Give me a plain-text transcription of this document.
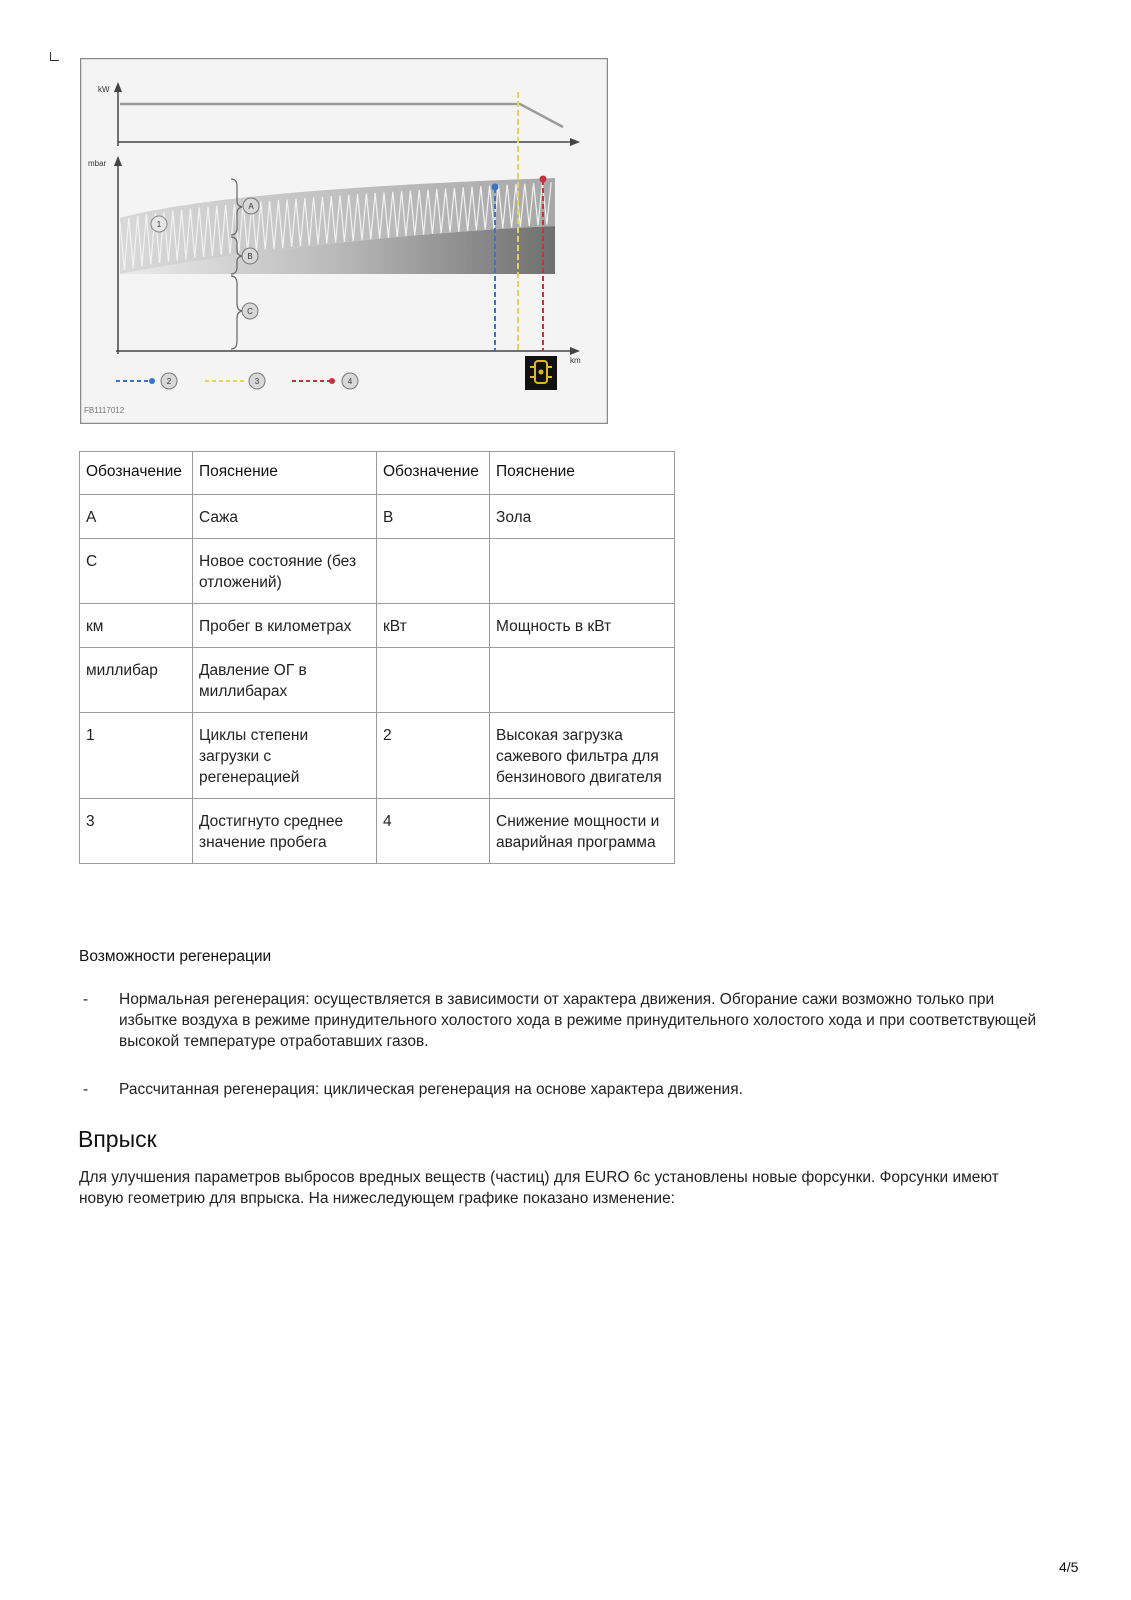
kW
mbar
km
A
B
C
1
2	3	4
FB1117012
Обозначение	Пояснение	Обозначение	Пояснение
A	Сажа	B	Зола
C	Новое состояние (без отложений)		
км	Пробег в километрах	кВт	Мощность в кВт
миллибар	Давление ОГ в миллибарах		
1	Циклы степени загрузки с регенерацией	2	Высокая загрузка сажевого фильтра для бензинового двигателя
3	Достигнуто среднее значение пробега	4	Снижение мощности и аварийная программа
Возможности регенерации
- Нормальная регенерация: осуществляется в зависимости от характера движения. Обгорание сажи возможно только при избытке воздуха в режиме принудительного холостого хода в режиме принудительного холостого хода и при соответствующей высокой температуре отработавших газов.
- Рассчитанная регенерация: циклическая регенерация на основе характера движения.
Впрыск
Для улучшения параметров выбросов вредных веществ (частиц) для EURO 6c установлены новые форсунки. Форсунки имеют новую геометрию для впрыска. На нижеследующем графике показано изменение:
4/5
